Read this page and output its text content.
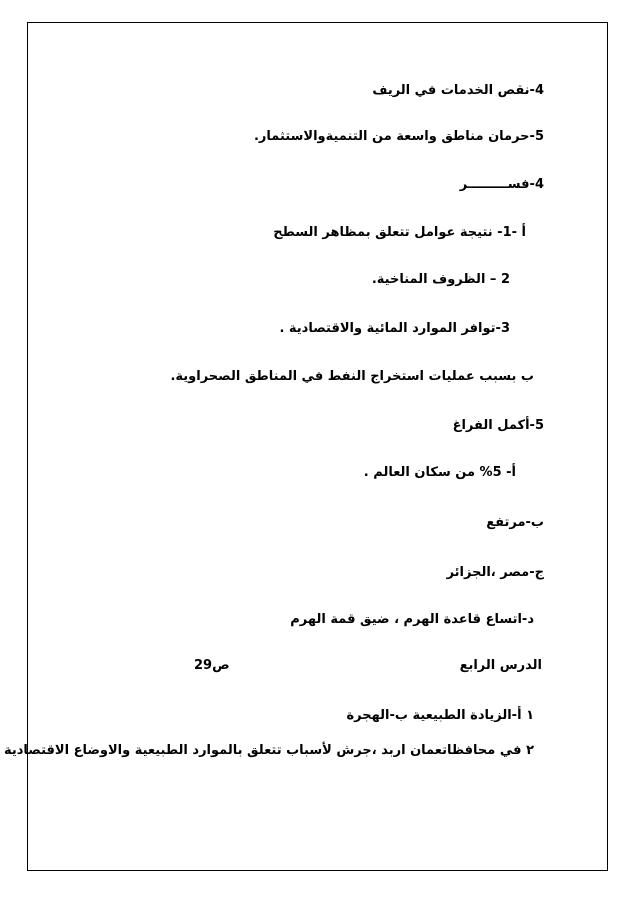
4-نقص الخدمات في الريف
5-حرمان مناطق واسعة من التنميةوالاستثمار.
4-فســـــــــر
أ -1- نتيجة عوامل تتعلق بمظاهر السطح
2 – الظروف المناخية.
3-توافر الموارد المائية والاقتصادية .
ب بسبب عمليات استخراج النفط في المناطق الصحراوية.
5-أكمل الفراغ
أ- 5% من سكان العالم .
ب-مرتفع
ج-مصر ،الجزائر
د-اتساع قاعدة الهرم ، ضيق قمة الهرم
الدرس الرابع
ص29
١ أ-الزيادة الطبيعية ب-الهجرة
٢ في محافظاتعمان اربد ،جرش لأسباب تتعلق بالموارد الطبيعية والاوضاع الاقتصادية
